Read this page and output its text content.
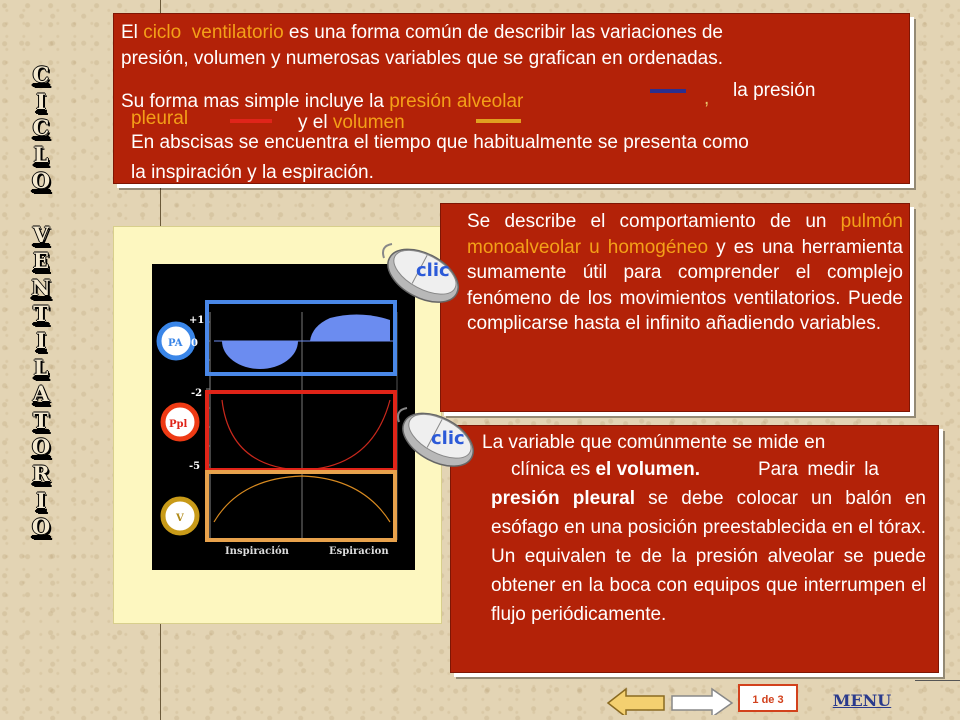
C
I
C
L
O
V
E
N
T
I
L
A
T
O
R
I
O
El ciclo ventilatorio es una forma común de describir las variaciones de
presión, volumen y numerosas variables que se grafican en ordenadas.
Su forma mas simple incluye la presión alveolar	, la presión
pleural	y el volumen
En abscisas se encuentra el tiempo que habitualmente se presenta como
la inspiración y la espiración.
PA
Ppl
V
+1
0
-2
-5
Inspiración	Espiracion
Se describe el comportamiento de un pulmón monoalveolar u homogéneo y es una herramienta sumamente útil para comprender el complejo fenómeno de los movimientos ventilatorios. Puede complicarse hasta el infinito añadiendo variables.
La variable que comúnmente se mide en
clínica es el volumen.	Para medir la
presión pleural se debe colocar un balón en esófago en una posición preestablecida en el tórax. Un equivalen te de la presión alveolar se puede obtener en la boca con equipos que interrumpen el flujo periódicamente.
clic
clic
1 de 3	MENU
